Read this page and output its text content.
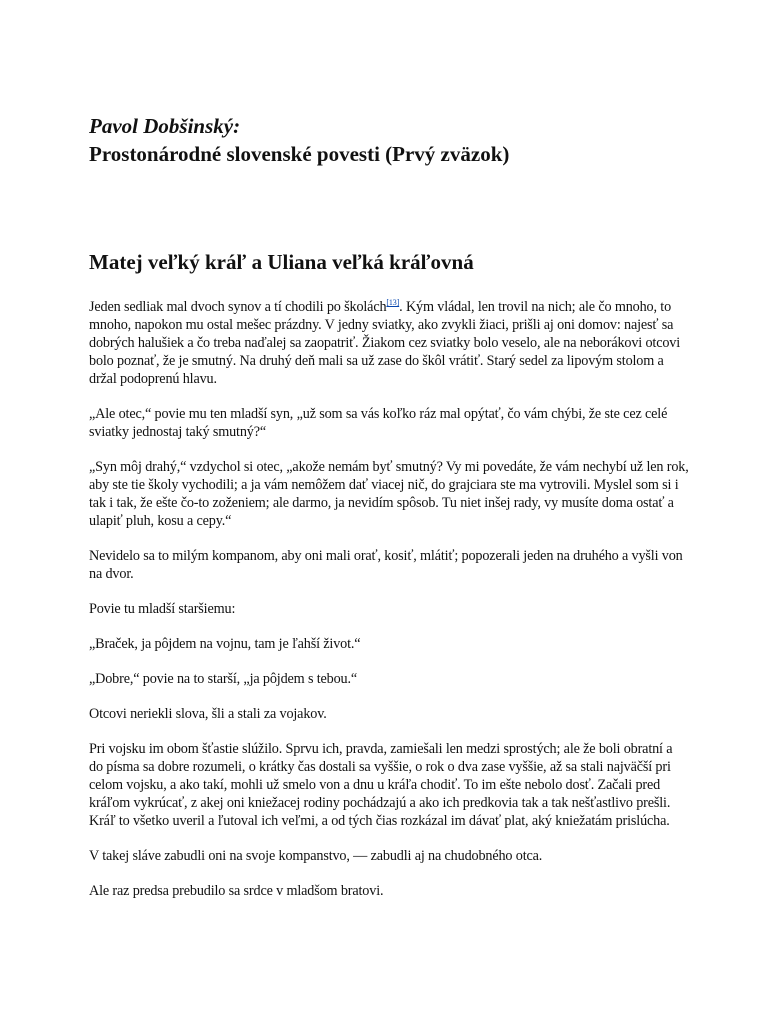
Pavol Dobšinský:
Prostonárodné slovenské povesti (Prvý zväzok)
Matej veľký kráľ a Uliana veľká kráľovná

Jeden sedliak mal dvoch synov a tí chodili po školách[13]. Kým vládal, len trovil na nich; ale čo mnoho, to mnoho, napokon mu ostal mešec prázdny. V jedny sviatky, ako zvykli žiaci, prišli aj oni domov: najesť sa dobrých halušiek a čo treba naďalej sa zaopatriť. Žiakom cez sviatky bolo veselo, ale na neborákovi otcovi bolo poznať, že je smutný. Na druhý deň mali sa už zase do škôl vrátiť. Starý sedel za lipovým stolom a držal podoprenú hlavu.

„Ale otec,“ povie mu ten mladší syn, „už som sa vás koľko ráz mal opýtať, čo vám chýbi, že ste cez celé sviatky jednostaj taký smutný?“

„Syn môj drahý,“ vzdychol si otec, „akože nemám byť smutný? Vy mi povedáte, že vám nechybí už len rok, aby ste tie školy vychodili; a ja vám nemôžem dať viacej nič, do grajciara ste ma vytrovili. Myslel som si i tak i tak, že ešte čo-to zoženiem; ale darmo, ja nevidím spôsob. Tu niet inšej rady, vy musíte doma ostať a ulapiť pluh, kosu a cepy.“

Nevidelo sa to milým kompanom, aby oni mali orať, kosiť, mlátiť; popozerali jeden na druhého a vyšli von na dvor.

Povie tu mladší staršiemu:

„Braček, ja pôjdem na vojnu, tam je ľahší život.“

„Dobre,“ povie na to starší, „ja pôjdem s tebou.“

Otcovi neriekli slova, šli a stali za vojakov.

Pri vojsku im obom šťastie slúžilo. Sprvu ich, pravda, zamiešali len medzi sprostých; ale že boli obratní a do písma sa dobre rozumeli, o krátky čas dostali sa vyššie, o rok o dva zase vyššie, až sa stali najväčší pri celom vojsku, a ako takí, mohli už smelo von a dnu u kráľa chodiť. To im ešte nebolo dosť. Začali pred kráľom vykrúcať, z akej oni kniežacej rodiny pochádzajú a ako ich predkovia tak a tak nešťastlivo prešli. Kráľ to všetko uveril a ľutoval ich veľmi, a od tých čias rozkázal im dávať plat, aký kniežatám prislúcha.

V takej sláve zabudli oni na svoje kompanstvo, — zabudli aj na chudobného otca.

Ale raz predsa prebudilo sa srdce v mladšom bratovi.
